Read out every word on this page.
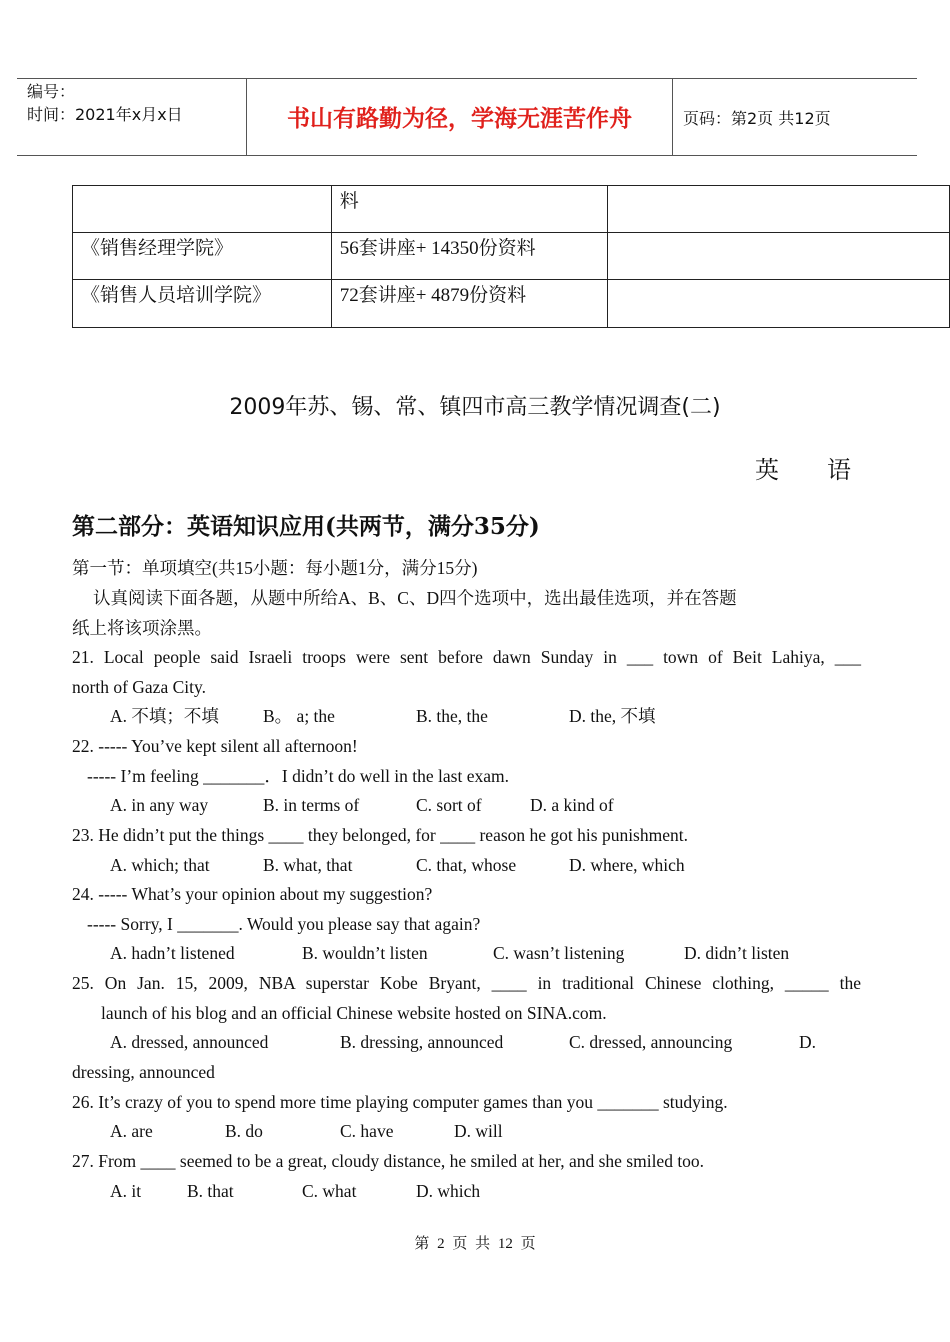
编号：
时间：2021年x月x日	书山有路勤为径，学海无涯苦作舟	页码：第2页 共12页
	料	
《销售经理学院》	56套讲座+ 14350份资料	
《销售人员培训学院》	72套讲座+ 4879份资料	
2009年苏、锡、常、镇四市高三教学情况调查(二)
英　　语
第二部分：英语知识应用(共两节，满分35分)
第一节：单项填空(共15小题：每小题1分，满分15分)
认真阅读下面各题，从题中所给A、B、C、D四个选项中，选出最佳选项，并在答题
纸上将该项涂黑。
21. Local people said Israeli troops were sent before dawn Sunday in ___ town of Beit Lahiya, ___
north of Gaza City.
A. 不填；不填	B。 a; the	B. the, the	D. the, 不填
22. ----- You’ve kept silent all afternoon!
----- I’m feeling _______．I didn’t do well in the last exam.
A. in any way	B. in terms of	C. sort of	D. a kind of
23. He didn’t put the things ____ they belonged, for ____ reason he got his punishment.
A. which; that	B. what, that	C. that, whose	D. where, which
24. ----- What’s your opinion about my suggestion?
----- Sorry, I _______. Would you please say that again?
A. hadn’t listened	B. wouldn’t listen	C. wasn’t listening	D. didn’t listen
25. On Jan. 15, 2009, NBA superstar Kobe Bryant, ____ in traditional Chinese clothing, _____ the
launch of his blog and an official Chinese website hosted on SINA.com.
A. dressed, announced	B. dressing, announced	C. dressed, announcing	D.
dressing, announced
26. It’s crazy of you to spend more time playing computer games than you _______ studying.
A. are	B. do	C. have	D. will
27. From ____ seemed to be a great, cloudy distance, he smiled at her, and she smiled too.
A. it	B. that	C. what	D. which
第 2 页 共 12 页
